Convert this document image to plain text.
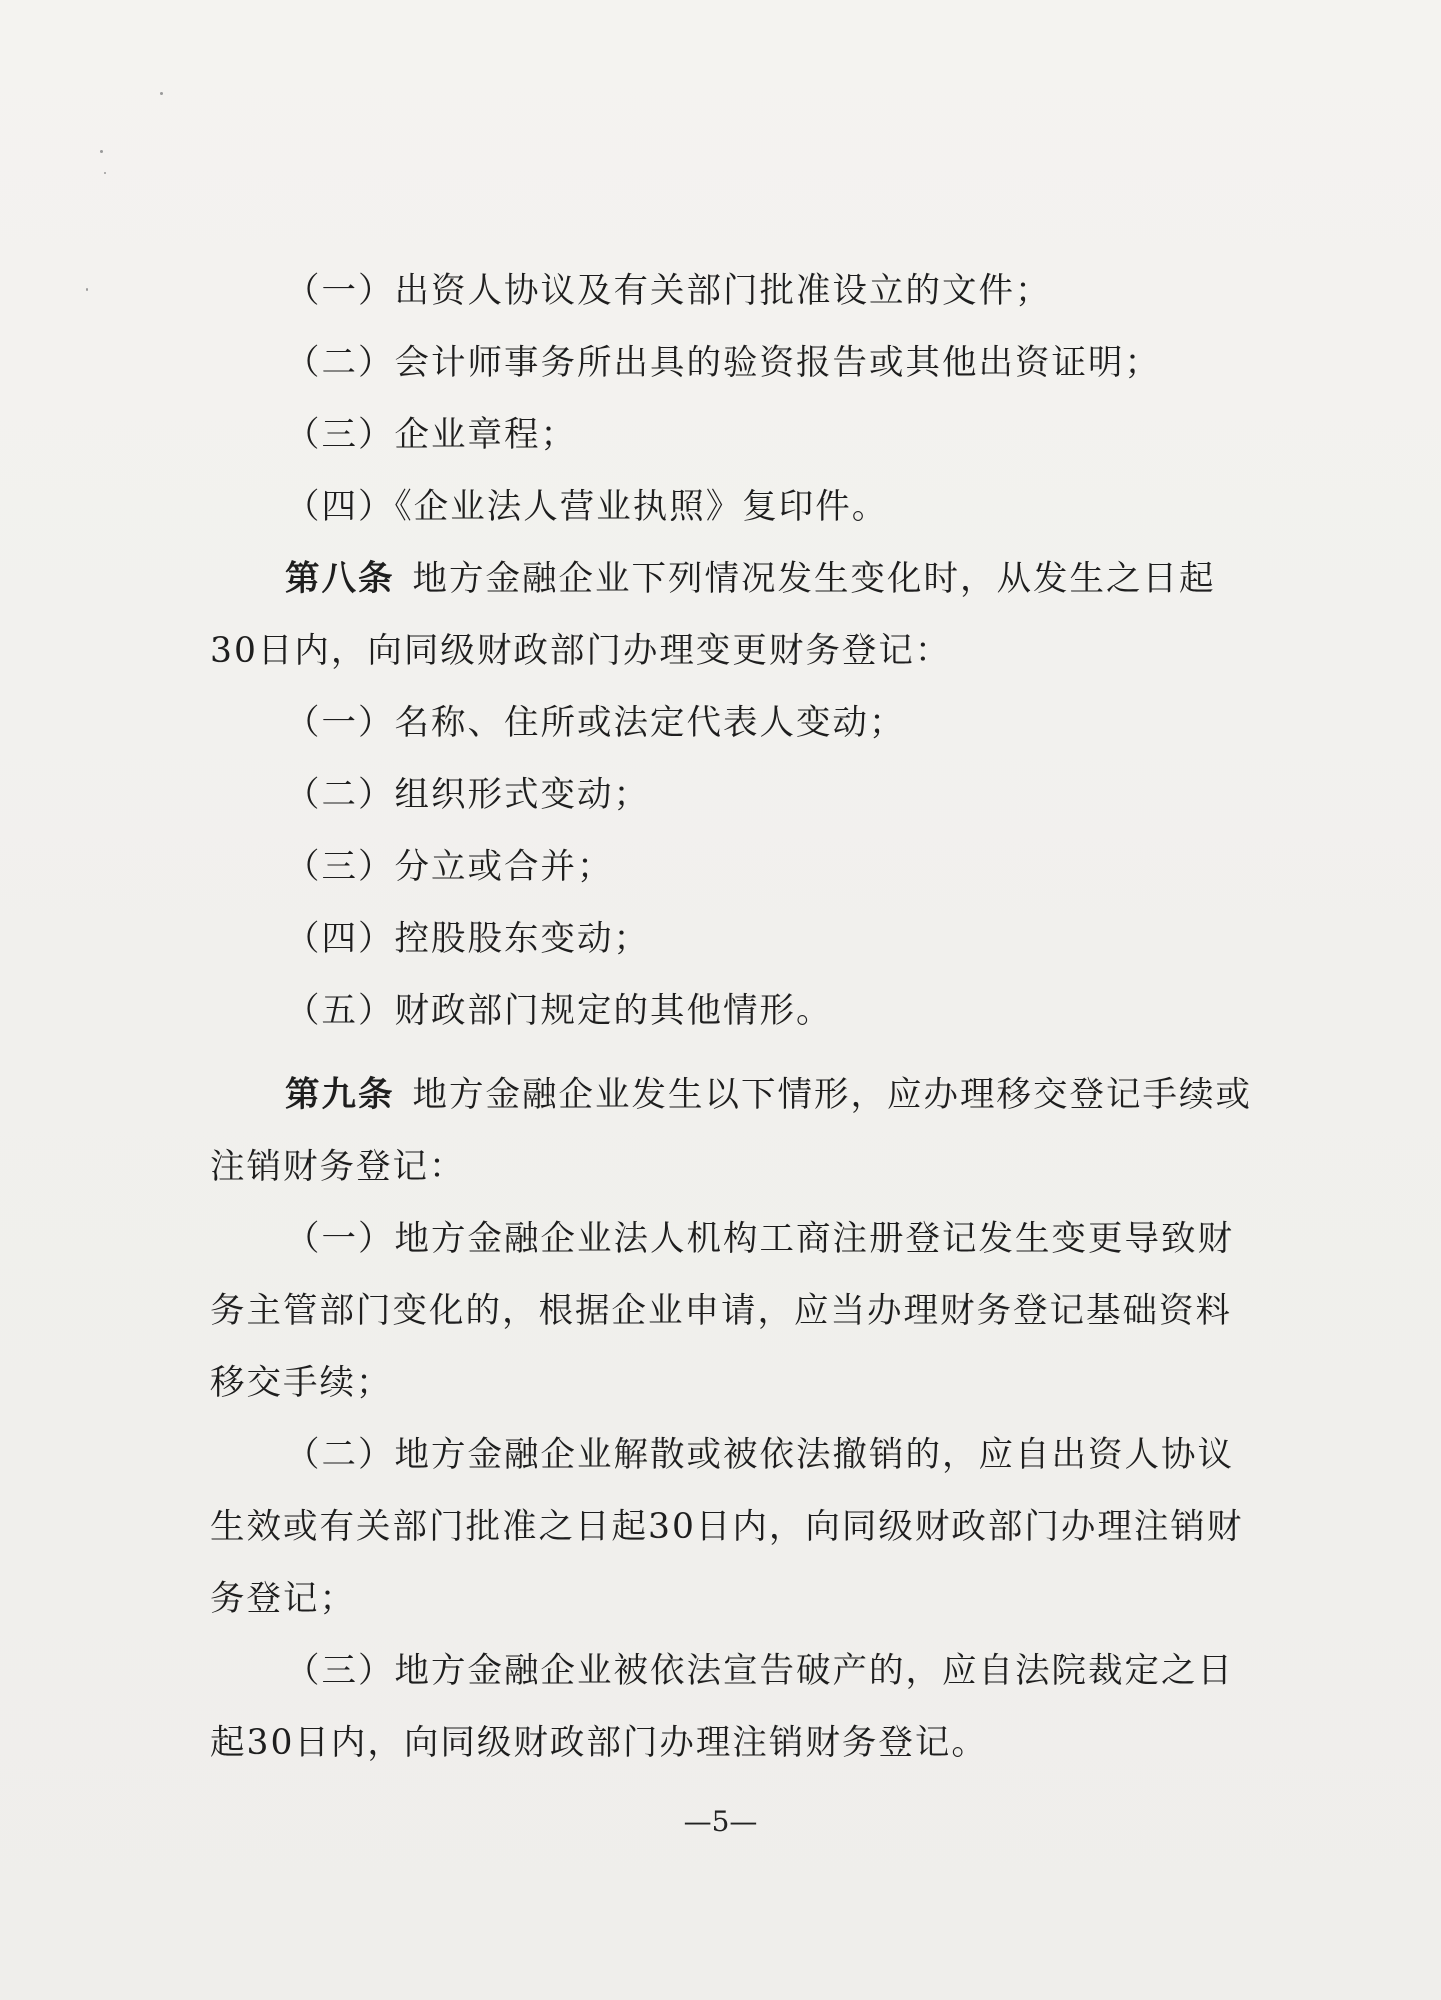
（一）出资人协议及有关部门批准设立的文件；

（二）会计师事务所出具的验资报告或其他出资证明；

（三）企业章程；

（四）《企业法人营业执照》复印件。

第八条 地方金融企业下列情况发生变化时，从发生之日起30日内，向同级财政部门办理变更财务登记：

（一）名称、住所或法定代表人变动；

（二）组织形式变动；

（三）分立或合并；

（四）控股股东变动；

（五）财政部门规定的其他情形。

第九条 地方金融企业发生以下情形，应办理移交登记手续或注销财务登记：

（一）地方金融企业法人机构工商注册登记发生变更导致财务主管部门变化的，根据企业申请，应当办理财务登记基础资料移交手续；

（二）地方金融企业解散或被依法撤销的，应自出资人协议生效或有关部门批准之日起30日内，向同级财政部门办理注销财务登记；

（三）地方金融企业被依法宣告破产的，应自法院裁定之日起30日内，向同级财政部门办理注销财务登记。

—5—
